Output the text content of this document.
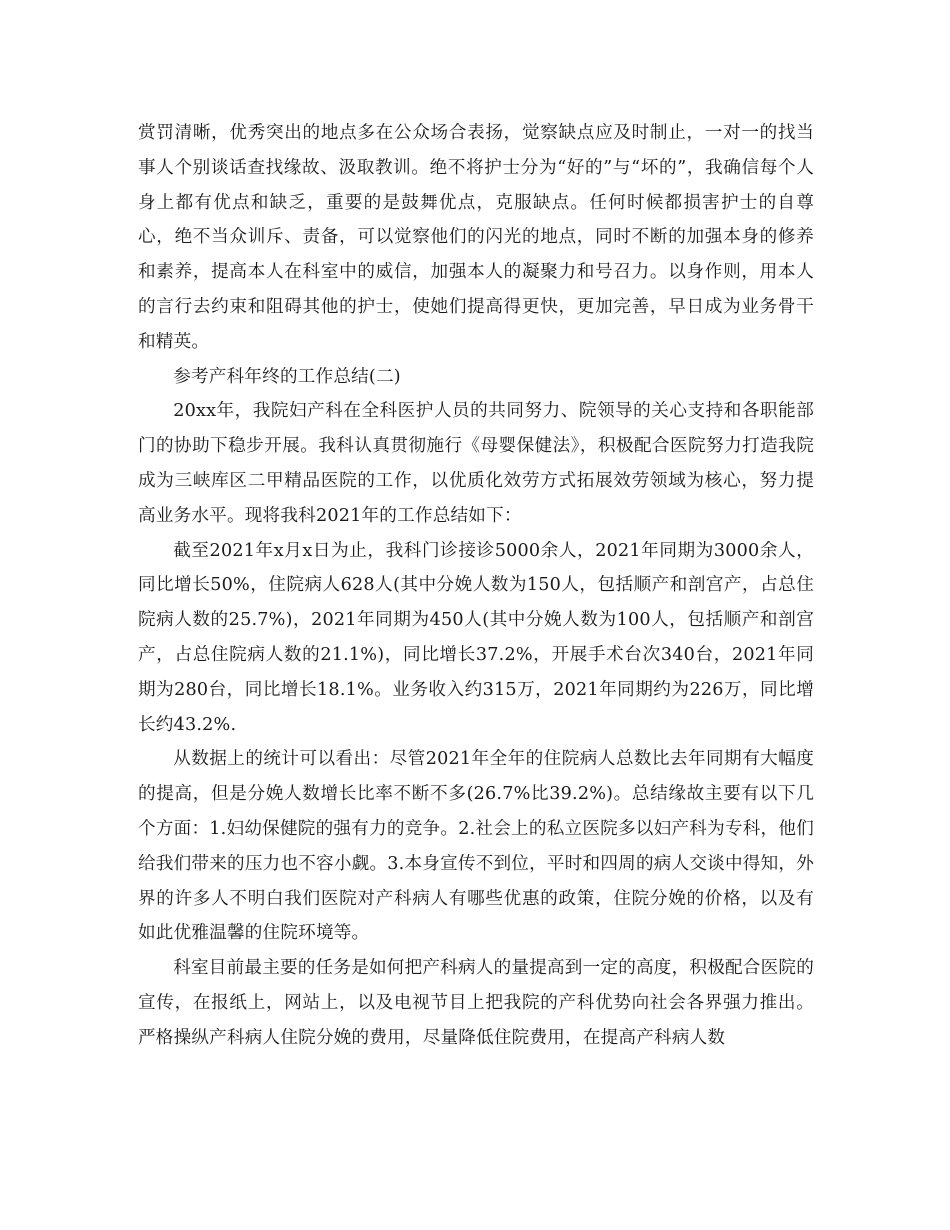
赏罚清晰，优秀突出的地点多在公众场合表扬，觉察缺点应及时制止，一对一的找当事人个别谈话查找缘故、汲取教训。绝不将护士分为“好的”与“坏的”，我确信每个人身上都有优点和缺乏，重要的是鼓舞优点，克服缺点。任何时候都损害护士的自尊心，绝不当众训斥、责备，可以觉察他们的闪光的地点，同时不断的加强本身的修养和素养，提高本人在科室中的威信，加强本人的凝聚力和号召力。以身作则，用本人的言行去约束和阻碍其他的护士，使她们提高得更快，更加完善，早日成为业务骨干和精英。

参考产科年终的工作总结(二)

20xx年，我院妇产科在全科医护人员的共同努力、院领导的关心支持和各职能部门的协助下稳步开展。我科认真贯彻施行《母婴保健法》，积极配合医院努力打造我院成为三峡库区二甲精品医院的工作，以优质化效劳方式拓展效劳领域为核心，努力提高业务水平。现将我科2021年的工作总结如下：

截至2021年x月x日为止，我科门诊接诊5000余人，2021年同期为3000余人，同比增长50%，住院病人628人(其中分娩人数为150人，包括顺产和剖宫产，占总住院病人数的25.7%)，2021年同期为450人(其中分娩人数为100人，包括顺产和剖宫产，占总住院病人数的21.1%)，同比增长37.2%，开展手术台次340台，2021年同期为280台，同比增长18.1%。业务收入约315万，2021年同期约为226万，同比增长约43.2%.

从数据上的统计可以看出：尽管2021年全年的住院病人总数比去年同期有大幅度的提高，但是分娩人数增长比率不断不多(26.7%比39.2%)。总结缘故主要有以下几个方面：1.妇幼保健院的强有力的竞争。2.社会上的私立医院多以妇产科为专科，他们给我们带来的压力也不容小觑。3.本身宣传不到位，平时和四周的病人交谈中得知，外界的许多人不明白我们医院对产科病人有哪些优惠的政策，住院分娩的价格，以及有如此优雅温馨的住院环境等。

科室目前最主要的任务是如何把产科病人的量提高到一定的高度，积极配合医院的宣传，在报纸上，网站上，以及电视节目上把我院的产科优势向社会各界强力推出。严格操纵产科病人住院分娩的费用，尽量降低住院费用，在提高产科病人数
